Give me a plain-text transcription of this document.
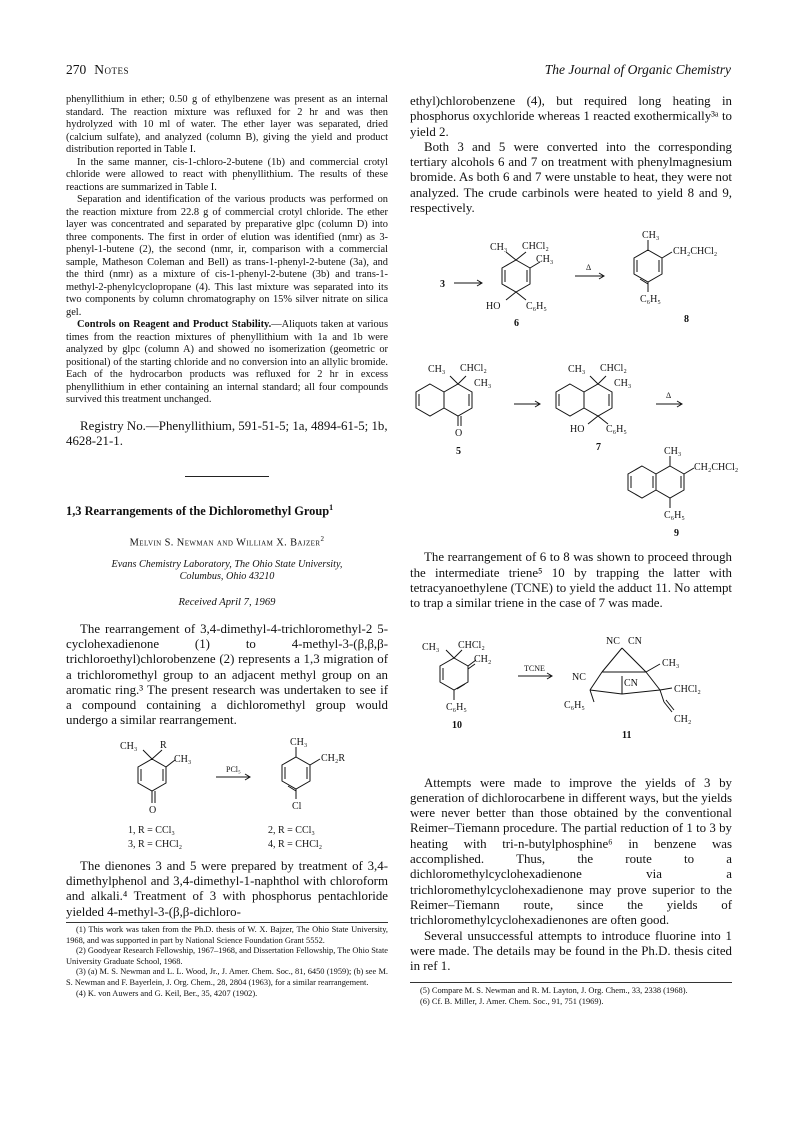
270 Notes	The Journal of Organic Chemistry

phenyllithium in ether; 0.50 g of ethylbenzene was present as an internal standard. The reaction mixture was refluxed for 2 hr and was then hydrolyzed with 10 ml of water. The ether layer was separated, dried (calcium sulfate), and analyzed (column B), giving the yield and product distribution reported in Table I.

In the same manner, cis-1-chloro-2-butene (1b) and commercial crotyl chloride were allowed to react with phenyllithium. The results of these reactions are summarized in Table I.

Separation and identification of the various products was performed on the reaction mixture from 22.8 g of commercial crotyl chloride. The ether layer was concentrated and separated by preparative glpc (column D) into three components. The first in order of elution was identified (nmr) as 3-phenyl-1-butene (2), the second (nmr, ir, comparison with a commercial sample, Matheson Coleman and Bell) as trans-1-phenyl-2-butene (3a), and the third (nmr) as a mixture of cis-1-phenyl-2-butene (3b) and trans-1-methyl-2-phenylcyclopropane (4). This last mixture was separated into its two components by column chromatography on 15% silver nitrate on silica gel.

Controls on Reagent and Product Stability.—Aliquots taken at various times from the reaction mixtures of phenyllithium with 1a and 1b were analyzed by glpc (column A) and showed no isomerization (geometric or positional) of the starting chloride and no conversion into an allylic bromide. Each of the hydrocarbon products was refluxed for 2 hr in excess phenyllithium in ether containing an internal standard; all four compounds survived this treatment unchanged.

Registry No.—Phenyllithium, 591-51-5; 1a, 4894-61-5; 1b, 4628-21-1.
1,3 Rearrangements of the Dichloromethyl Group$^1$
Melvin S. Newman and William X. Bajzer$^2$
Evans Chemistry Laboratory, The Ohio State University,
Columbus, Ohio 43210
Received April 7, 1969

The rearrangement of 3,4-dimethyl-4-trichloromethyl-2 5-cyclohexadienone (1) to 4-methyl-3-(β,β,β-trichloroethyl)chlorobenzene (2) represents a 1,3 migration of a trichloromethyl group to an adjacent methyl group on an aromatic ring.³ The present research was undertaken to see if a compound containing a dichloromethyl group would undergo a similar rearrangement.

CH₃ R
CH₃
O
PCl₅
CH₃
CH₂R
Cl
1, R = CCl₃
3, R = CHCl₂
2, R = CCl₃
4, R = CHCl₂

The dienones 3 and 5 were prepared by treatment of 3,4-dimethylphenol and 3,4-dimethyl-1-naphthol with chloroform and alkali.⁴ Treatment of 3 with phosphorus pentachloride yielded 4-methyl-3-(β,β-dichloro-

(1) This work was taken from the Ph.D. thesis of W. X. Bajzer, The Ohio State University, 1968, and was supported in part by National Science Foundation Grant 5552.

(2) Goodyear Research Fellowship, 1967–1968, and Dissertation Fellowship, The Ohio State University Graduate School, 1968.

(3) (a) M. S. Newman and L. L. Wood, Jr., J. Amer. Chem. Soc., 81, 6450 (1959); (b) see M. S. Newman and F. Bayerlein, J. Org. Chem., 28, 2804 (1963), for a similar rearrangement.

(4) K. von Auwers and G. Keil, Ber., 35, 4207 (1902).

ethyl)chlorobenzene (4), but required long heating in phosphorus oxychloride whereas 1 reacted exothermically³ᵃ to yield 2.

Both 3 and 5 were converted into the corresponding tertiary alcohols 6 and 7 on treatment with phenylmagnesium bromide. As both 6 and 7 were unstable to heat, they were not analyzed. The crude carbinols were heated to yield 8 and 9, respectively.

3
CH₃ CHCl₂
CH₃
HO	C₆H₅
6
Δ
CH₃
CH₂CHCl₂
C₆H₅
8
CH₃ CHCl₂
CH₃
O
5
CH₃ CHCl₂
CH₃
HO C₆H₅
7
Δ
CH₃
CH₂CHCl₂
C₆H₅
9

The rearrangement of 6 to 8 was shown to proceed through the intermediate triene⁵ 10 by trapping the latter with tetracyanoethylene (TCNE) to yield the adduct 11. No attempt to trap a similar triene in the case of 7 was made.

CH₃ CHCl₂
CH₂
C₆H₅
10
TCNE
NC CN
NC
CN
CH₃
CHCl₂
C₆H₅
CH₂
11

Attempts were made to improve the yields of 3 by generation of dichlorocarbene in different ways, but the yields were never better than those obtained by the conventional Reimer–Tiemann procedure. The partial reduction of 1 to 3 by heating with tri-n-butylphosphine⁶ in benzene was accomplished. Thus, the route to a dichloromethylcyclohexadienone via a trichloromethylcyclohexadienone may prove superior to the Reimer–Tiemann route, since the yields of trichloromethylcyclohexadienones are often good.

Several unsuccessful attempts to introduce fluorine into 1 were made. The details may be found in the Ph.D. thesis cited in ref 1.

(5) Compare M. S. Newman and R. M. Layton, J. Org. Chem., 33, 2338 (1968).

(6) Cf. B. Miller, J. Amer. Chem. Soc., 91, 751 (1969).
